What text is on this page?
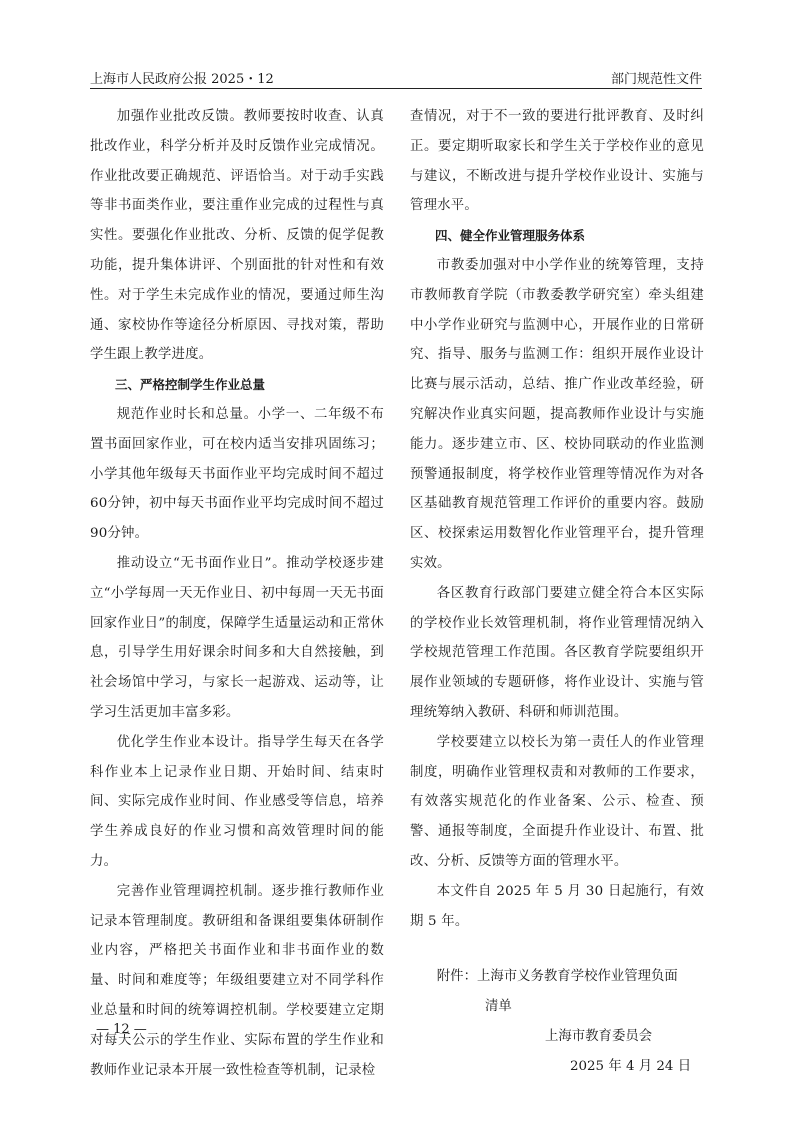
上海市人民政府公报 2025・12	部门规范性文件

加强作业批改反馈。教师要按时收查、认真批改作业，科学分析并及时反馈作业完成情况。作业批改要正确规范、评语恰当。对于动手实践等非书面类作业，要注重作业完成的过程性与真实性。要强化作业批改、分析、反馈的促学促教功能，提升集体讲评、个别面批的针对性和有效性。对于学生未完成作业的情况，要通过师生沟通、家校协作等途径分析原因、寻找对策，帮助学生跟上教学进度。

三、严格控制学生作业总量

规范作业时长和总量。小学一、二年级不布置书面回家作业，可在校内适当安排巩固练习；小学其他年级每天书面作业平均完成时间不超过60分钟，初中每天书面作业平均完成时间不超过90分钟。

推动设立“无书面作业日”。推动学校逐步建立“小学每周一天无作业日、初中每周一天无书面回家作业日”的制度，保障学生适量运动和正常休息，引导学生用好课余时间多和大自然接触，到社会场馆中学习，与家长一起游戏、运动等，让学习生活更加丰富多彩。

优化学生作业本设计。指导学生每天在各学科作业本上记录作业日期、开始时间、结束时间、实际完成作业时间、作业感受等信息，培养学生养成良好的作业习惯和高效管理时间的能力。

完善作业管理调控机制。逐步推行教师作业记录本管理制度。教研组和备课组要集体研制作业内容，严格把关书面作业和非书面作业的数量、时间和难度等；年级组要建立对不同学科作业总量和时间的统筹调控机制。学校要建立定期对每天公示的学生作业、实际布置的学生作业和教师作业记录本开展一致性检查等机制，记录检

查情况，对于不一致的要进行批评教育、及时纠正。要定期听取家长和学生关于学校作业的意见与建议，不断改进与提升学校作业设计、实施与管理水平。

四、健全作业管理服务体系

市教委加强对中小学作业的统筹管理，支持市教师教育学院（市教委教学研究室）牵头组建中小学作业研究与监测中心，开展作业的日常研究、指导、服务与监测工作：组织开展作业设计比赛与展示活动，总结、推广作业改革经验，研究解决作业真实问题，提高教师作业设计与实施能力。逐步建立市、区、校协同联动的作业监测预警通报制度，将学校作业管理等情况作为对各区基础教育规范管理工作评价的重要内容。鼓励区、校探索运用数智化作业管理平台，提升管理实效。

各区教育行政部门要建立健全符合本区实际的学校作业长效管理机制，将作业管理情况纳入学校规范管理工作范围。各区教育学院要组织开展作业领域的专题研修，将作业设计、实施与管理统筹纳入教研、科研和师训范围。

学校要建立以校长为第一责任人的作业管理制度，明确作业管理权责和对教师的工作要求，有效落实规范化的作业备案、公示、检查、预警、通报等制度，全面提升作业设计、布置、批改、分析、反馈等方面的管理水平。

本文件自 2025 年 5 月 30 日起施行，有效期 5 年。

附件：上海市义务教育学校作业管理负面
清单

上海市教育委员会

2025 年 4 月 24 日

— 12 —
